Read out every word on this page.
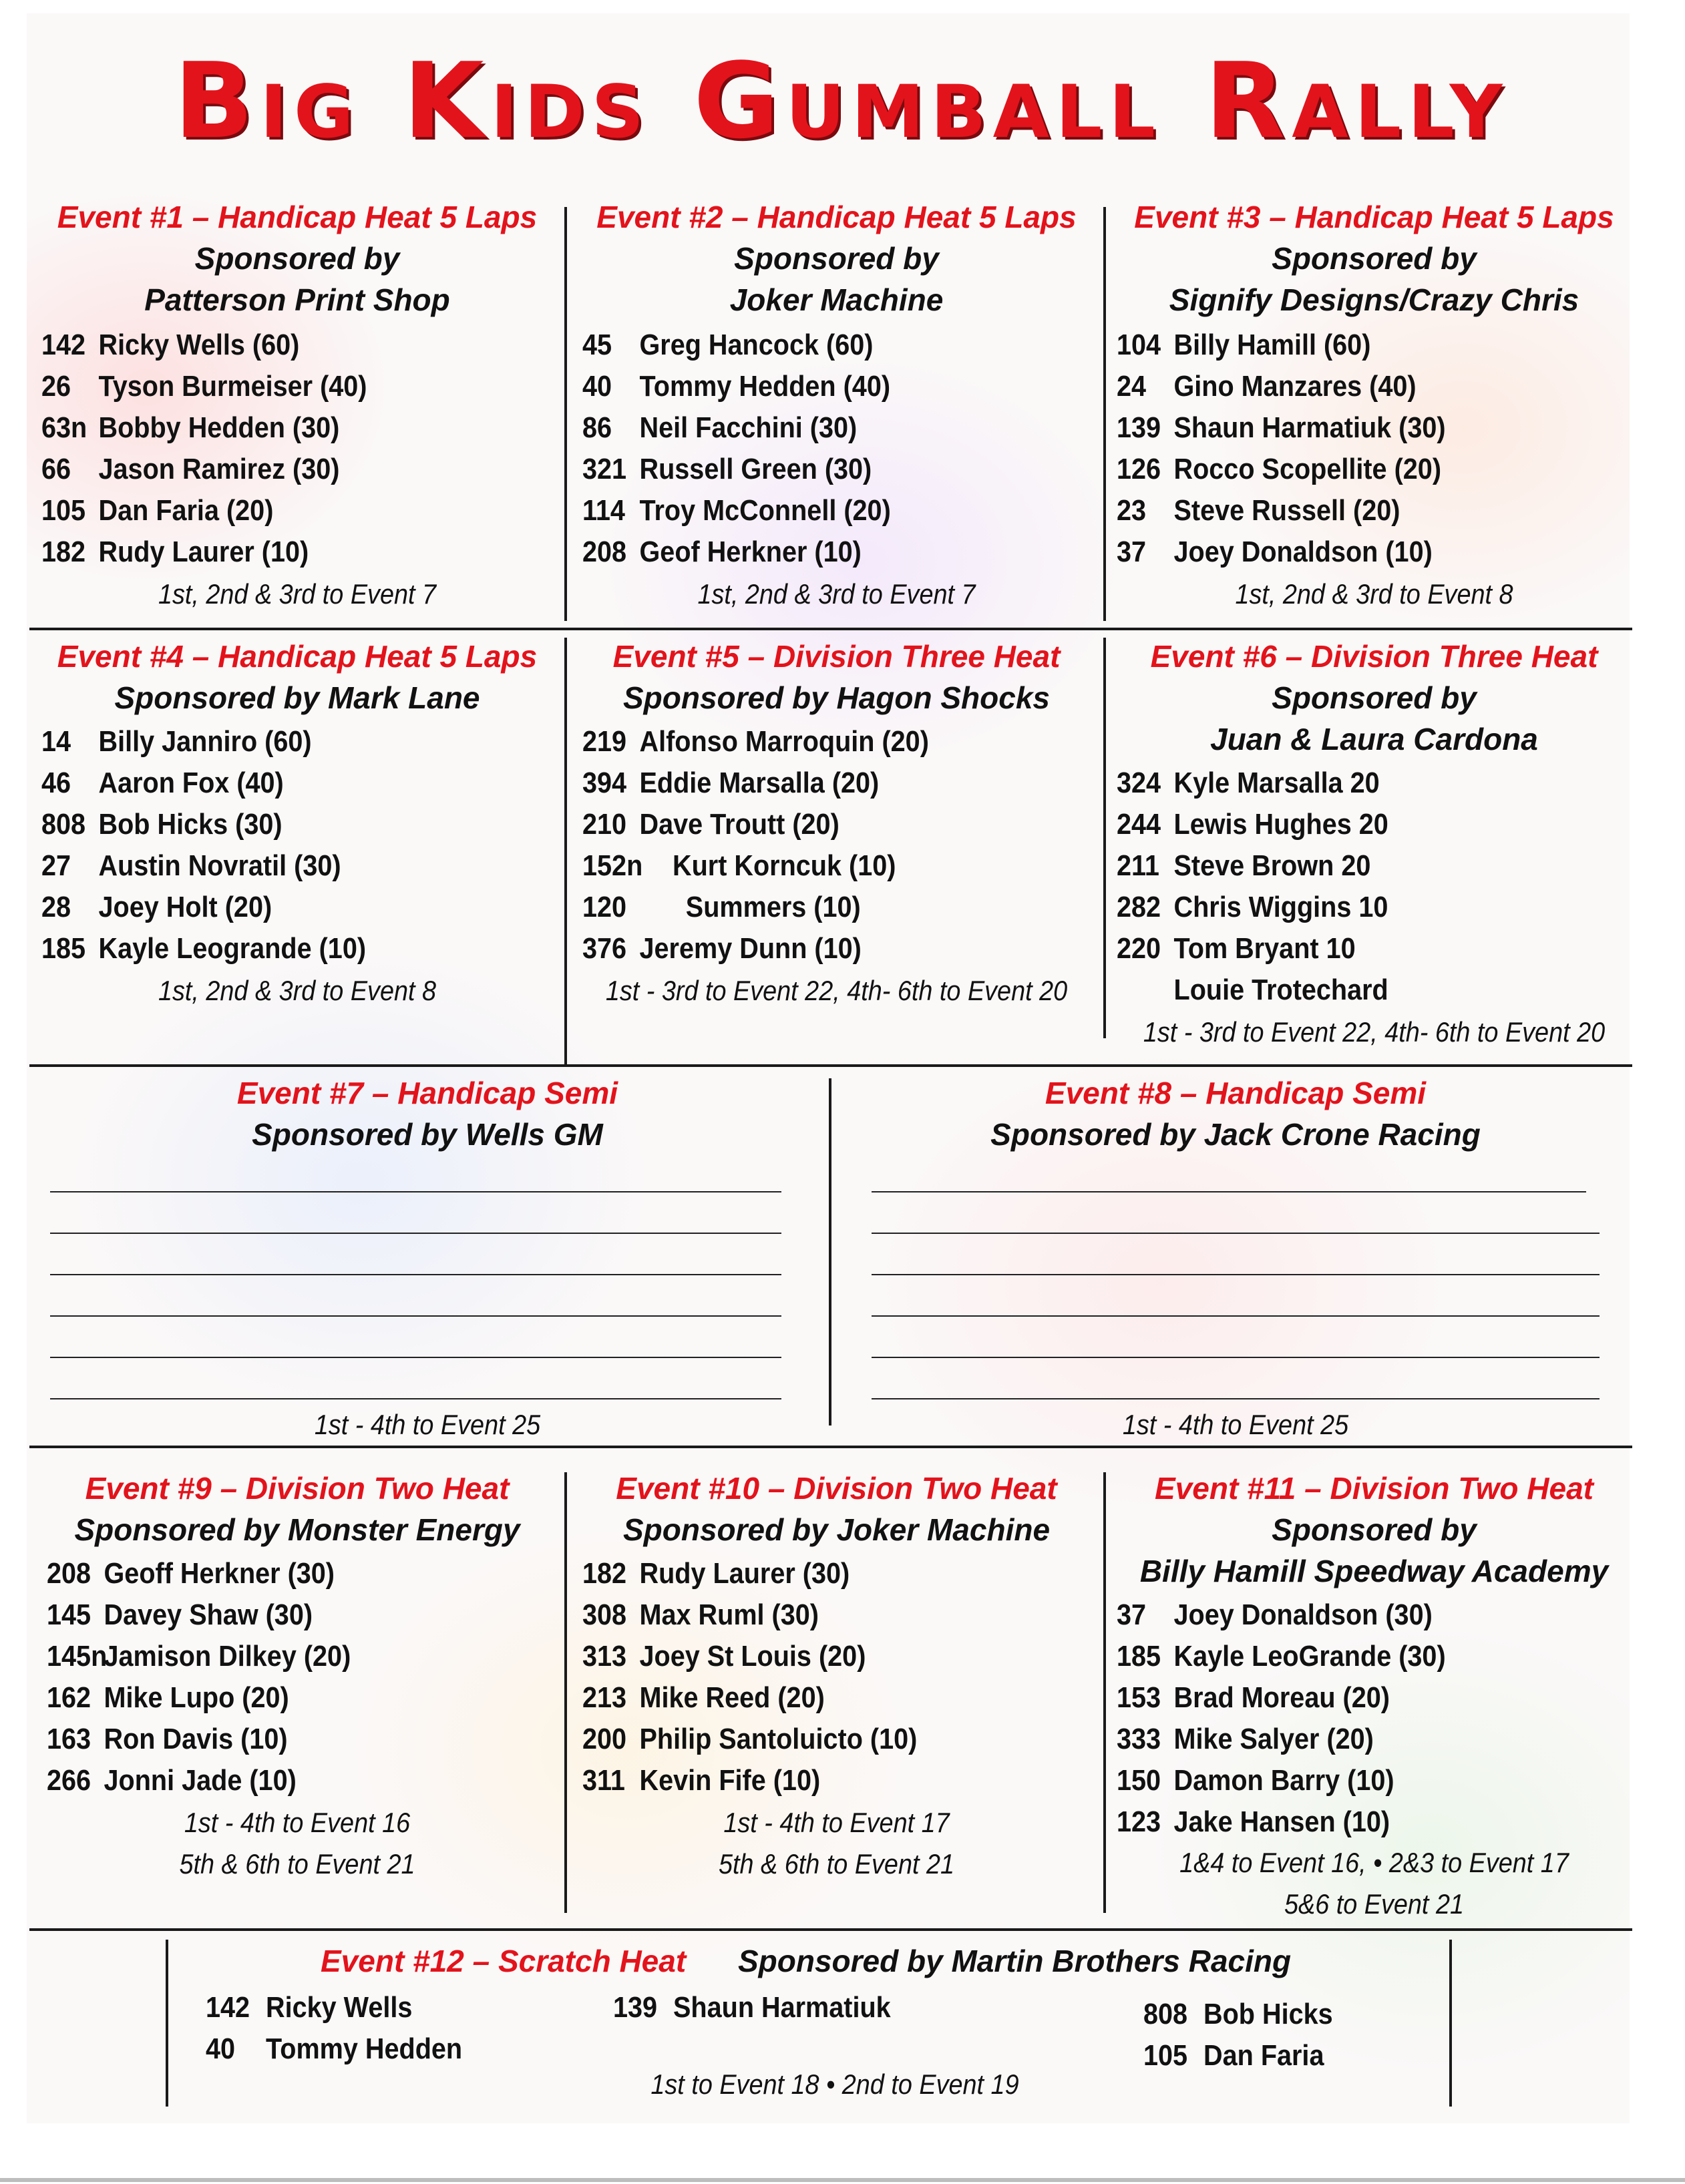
Big Kids Gumball Rally
Event #1 – Handicap Heat 5 Laps
Sponsored by
Patterson Print Shop
142 Ricky Wells (60)
26 Tyson Burmeiser (40)
63n Bobby Hedden (30)
66 Jason Ramirez (30)
105 Dan Faria (20)
182 Rudy Laurer (10)
1st, 2nd & 3rd to Event 7
Event #2 – Handicap Heat 5 Laps
Sponsored by
Joker Machine
45 Greg Hancock (60)
40 Tommy Hedden (40)
86 Neil Facchini (30)
321 Russell Green (30)
114 Troy McConnell (20)
208 Geof Herkner (10)
1st, 2nd & 3rd to Event 7
Event #3 – Handicap Heat 5 Laps
Sponsored by
Signify Designs/Crazy Chris
104 Billy Hamill (60)
24 Gino Manzares (40)
139 Shaun Harmatiuk (30)
126 Rocco Scopellite (20)
23 Steve Russell (20)
37 Joey Donaldson (10)
1st, 2nd & 3rd to Event 8
Event #4 – Handicap Heat 5 Laps
Sponsored by Mark Lane
14 Billy Janniro (60)
46 Aaron Fox (40)
808 Bob Hicks (30)
27 Austin Novratil (30)
28 Joey Holt (20)
185 Kayle Leogrande (10)
1st, 2nd & 3rd to Event 8
Event #5 – Division Three Heat
Sponsored by Hagon Shocks
219 Alfonso Marroquin (20)
394 Eddie Marsalla (20)
210 Dave Troutt (20)
152n Kurt Korncuk (10)
120 Summers (10)
376 Jeremy Dunn (10)
1st - 3rd to Event 22, 4th- 6th to Event 20
Event #6 – Division Three Heat
Sponsored by
Juan & Laura Cardona
324 Kyle Marsalla 20
244 Lewis Hughes 20
211 Steve Brown 20
282 Chris Wiggins 10
220 Tom Bryant 10
Louie Trotechard
1st - 3rd to Event 22, 4th- 6th to Event 20
Event #7 – Handicap Semi
Sponsored by Wells GM
1st - 4th to Event 25
Event #8 – Handicap Semi
Sponsored by Jack Crone Racing
1st - 4th to Event 25
Event #9 – Division Two Heat
Sponsored by Monster Energy
208 Geoff Herkner (30)
145 Davey Shaw (30)
145nJamison Dilkey (20)
162 Mike Lupo (20)
163 Ron Davis (10)
266 Jonni Jade (10)
1st - 4th to Event 16
5th & 6th to Event 21
Event #10 – Division Two Heat
Sponsored by Joker Machine
182 Rudy Laurer (30)
308 Max Ruml (30)
313 Joey St Louis (20)
213 Mike Reed (20)
200 Philip Santoluicto (10)
311 Kevin Fife (10)
1st - 4th to Event 17
5th & 6th to Event 21
Event #11 – Division Two Heat
Sponsored by
Billy Hamill Speedway Academy
37 Joey Donaldson (30)
185 Kayle LeoGrande (30)
153 Brad Moreau (20)
333 Mike Salyer (20)
150 Damon Barry (10)
123 Jake Hansen (10)
1&4 to Event 16, • 2&3 to Event 17
5&6 to Event 21
Event #12 – Scratch Heat Sponsored by Martin Brothers Racing
142 Ricky Wells
40 Tommy Hedden
139 Shaun Harmatiuk	808 Bob Hicks
105 Dan Faria
1st to Event 18 • 2nd to Event 19
